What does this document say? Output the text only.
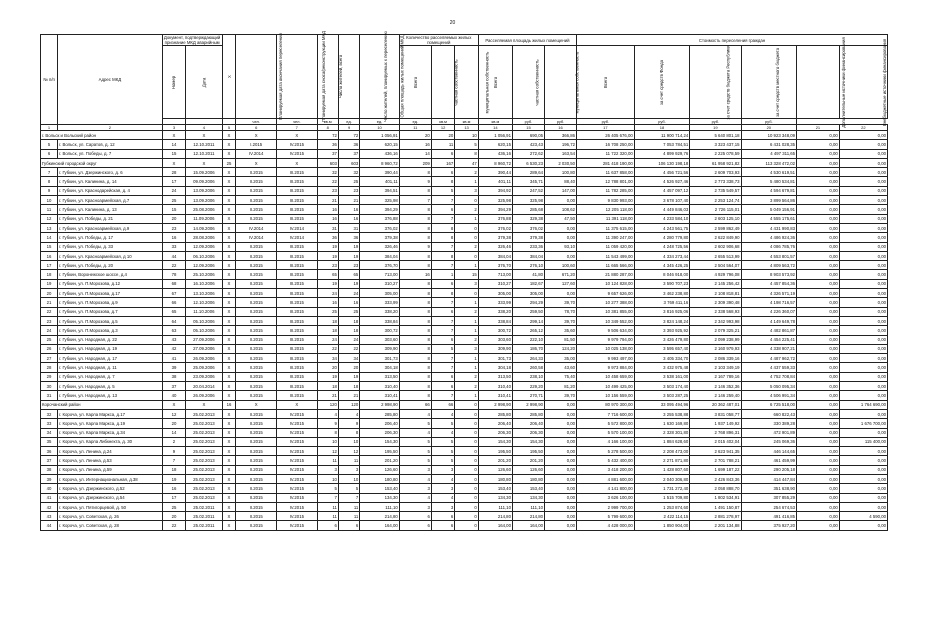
20
№ п/п	Адрес МКД	Документ, подтверждающий признание МКД аварийным		X	Планируемая дата окончания переселения	Планируемая дата сноса/реконструкции МКД	Число жителей, всего	Число жителей, планируемых к переселению	Общая площадь жилых помещений МКД	Количество расселяемых жилых помещений			Расселяемая площадь жилых помещений			Стоимость переселения граждан					
		Номер	Дата							Всего	частная собственность	муниципальная собственность	Всего	частная собственность	муниципальная собственность	Всего	за счет средств Фонда	за счет средств бюджета Республики	за счет средств местного бюджета	Дополнительные источники финансирования	Внебюджетные источники финансирования
					чел.	чел.	кв.м	ед.	ед.	ед.	кв.м	кв.м	кв.м	руб.	руб.	руб.	руб.	руб.	руб.		
1	2	3	4	5	6	7	8	9	10	11	12	13	14	15	16	17	18	19	20	21	22
г. Вольск и Вольский район		X	X	X	X	X	72	72	1 056,91	20	20	10	1 056,91	690,05	366,86	26 405 676,00	11 900 714,24	5 640 801,18	10 923 348,09	0,00	0,00
5	г. Вольск, ул. Саратов, д. 12	14	12.10.2011	X	I.2015	IV.2015	36	36	620,15	16	11	5	620,15	423,43	196,72	16 708 250,00	7 053 784,51	3 323 437,15	6 431 028,35	0,00	0,00
6	г. Вольск, ул. Победы, д. 7	15	12.10.2011	X	IV.2014	IV.2015	37	37	436,16	14	6	8	436,16	272,62	163,54	11 722 320,00	4 899 929,76	2 225 078,59	4 497 311,65	0,00	0,00
Губкинский городской округ		X	X	25	X	X	603	603	8 960,72	209	167	47	8 960,72	6 530,23	2 030,50	281 418 190,00	106 130 198,18	61 958 921,82	113 328 472,02	0,00	0,00
7	г. Губкин, ул. Дзержинского, д. 6	28	15.09.2006	X	II.2015	III.2015	32	32	390,44	8	6	2	390,44	289,64	100,80	11 637 858,00	4 456 721,56	2 609 703,93	4 530 619,51	0,00	0,00
8	г. Губкин, ул. Калинина, д. 14	17	09.09.2006	X	II.2015	III.2015	22	25	401,11	9	8	1	401,11	345,71	88,40	12 788 801,00	4 526 927,46	2 773 338,73	5 480 534,81	0,00	0,00
9	г. Губкин, ул. Краснодарейская, д. 4	24	13.09.2006	X	II.2015	III.2015	23	23	394,51	8	5	3	394,92	247,52	147,00	11 782 285,00	4 457 097,12	2 735 549,57	4 594 679,81	0,00	0,00
10	г. Губкин, ул. Красноармейская, д.7	25	13.09.2006	X	II.2015	III.2015	21	21	325,98	7	7	0	325,98	325,98	0,00	9 830 993,00	3 678 107,40	2 253 124,74	3 899 564,86	0,00	0,00
11	г. Губкин, ул. Калинина, д. 13	15	25.08.2006	X	II.2015	III.2015	16	16	394,29	8	6	2	394,29	285,68	108,62	12 205 118,00	4 449 846,03	2 726 115,01	5 049 156,91	0,00	0,00
12	г. Губкин, ул. Победы, д. 21	20	11.09.2006	X	II.2015	III.2015	16	16	376,88	8	7	1	376,88	329,38	47,50	11 391 118,00	4 233 584,10	2 603 125,10	4 555 175,61	0,00	0,00
13	г. Губкин, ул. Красноармейская, д.9	23	14.09.2006	X	IV.2014	IV.2014	31	31	376,02	8	8	0	376,02	376,02	0,00	11 375 615,00	4 243 561,75	2 599 862,49	4 431 990,83	0,00	0,00
14	г. Губкин, ул. Победы, д. 17	16	28.08.2006	X	IV.2014	IV.2014	36	36	379,38	8	8	0	379,38	379,38	0,00	11 390 247,00	4 280 779,80	2 622 849,90	4 486 924,36	0,00	0,00
15	г. Губкин, ул. Победы, д. 33	33	12.09.2006	X	II.2015	III.2015	19	19	326,46	9	7	2	326,46	233,36	93,10	11 059 420,00	4 248 725,56	2 602 906,68	4 086 785,76	0,00	0,00
16	г. Губкин, ул. Красноармейская, д 10	44	06.10.2006	X	II.2015	III.2015	19	19	384,04	8	8	0	384,04	384,04	0,00	11 543 499,00	4 334 273,44	2 655 513,99	4 553 801,57	0,00	0,00
17	г. Губкин, ул. Победы, д. 20	22	12.09.2006	X	II.2015	III.2015	23	23	376,70	8	7	1	376,70	276,10	100,60	11 665 566,00	4 345 426,25	2 504 564,07	4 809 563,72	0,00	0,00
18	г. Губкин, Воронежское шоссе, д.4	78	25.10.2006	X	II.2015	III.2015	65	65	713,00	16	1	15	713,00	41,80	671,20	21 880 287,00	8 046 918,00	4 929 796,08	8 903 573,92	0,00	0,00
19	г. Губкин, ул. П.Морозова, д.12	68	16.10.2006	X	II.2015	III.2015	19	19	310,27	8	6	3	310,27	182,67	127,60	10 124 828,00	3 590 707,23	2 145 256,42	4 457 854,36	0,00	0,00
20	г. Губкин, ул. П.Морозова, д.17	67	13.10.2006	X	II.2015	III.2015	24	24	305,00	8	8	0	305,00	305,00	0,00	9 657 626,00	3 462 238,80	2 108 818,81	4 326 571,19	0,00	0,00
21	г. Губкин, ул. П.Морозова, д.9	66	12.10.2006	X	II.2015	III.2015	16	16	333,99	8	7	1	333,99	294,29	39,70	10 277 388,00	3 769 411,16	2 309 390,48	4 198 716,57	0,00	0,00
22	г. Губкин, ул. П.Морозова, д.7	65	11.10.2006	X	II.2015	III.2015	25	25	338,20	8	6	2	338,20	259,50	78,70	10 381 855,00	3 816 925,06	2 338 568,93	4 226 360,07	0,00	0,00
23	г. Губкин, ул. П.Морозова, д.5	64	05.10.2006	X	II.2015	III.2015	18	18	338,84	8	7	1	338,84	299,14	39,70	10 349 552,00	3 824 148,24	2 342 993,98	4 149 649,78	0,00	0,00
24	г. Губкин, ул. П.Морозова, д.3	63	05.10.2006	X	II.2015	III.2015	18	18	300,72	8	7	1	300,72	265,12	35,60	9 506 634,00	3 393 925,92	2 079 325,21	4 482 861,87	0,00	0,00
25	г. Губкин, ул. Народная, д. 22	43	27.09.2006	X	II.2015	III.2015	24	24	303,60	8	6	2	303,60	222,10	81,50	9 979 794,00	3 426 479,80	2 099 238,99	4 454 225,41	0,00	0,00
26	г. Губкин, ул. Народная, д. 19	42	27.09.2006	X	II.2015	III.2015	22	22	309,90	8	5	3	309,90	186,70	124,20	10 025 138,00	3 595 657,40	2 160 979,93	4 338 907,21	0,00	0,00
27	г. Губкин, ул. Народная, д. 17	41	26.09.2006	X	II.2015	III.2015	34	34	301,73	8	7	1	301,73	264,33	35,00	9 993 497,00	3 405 334,70	2 086 339,16	4 487 962,72	0,00	0,00
28	г. Губкин, ул. Народная, д. 11	39	25.09.2006	X	II.2015	III.2015	20	20	304,18	8	7	1	304,18	260,58	43,60	9 973 884,00	3 432 975,48	2 103 349,19	4 437 559,33	0,00	0,00
29	г. Губкин, ул. Народная, д. 7	38	23.09.2006	X	II.2015	III.2015	19	19	313,50	8	6	2	313,50	238,10	75,40	10 458 659,00	3 538 161,00	2 167 789,16	4 752 708,84	0,00	0,00
30	г. Губкин, ул. Народная, д. 5	37	20.04.2014	X	II.2015	III.2015	18	18	310,40	8	6	2	310,40	229,20	81,20	10 499 425,00	3 503 174,40	2 146 352,36	5 050 095,34	0,00	0,00
31	г. Губкин, ул. Народная, д. 13	40	26.09.2006	X	II.2015	III.2015	21	21	310,41	8	7	1	310,41	270,71	39,70	10 156 559,00	3 503 287,25	2 146 259,40	4 506 991,34	0,00	0,00
Корочанский район		X	X	16	X	X	120	120	2 998,90	66	66	0	2 998,90	2 998,90	0,00	80 970 300,00	33 095 494,96	20 362 487,01	6 725 518,00	0,00	1 764 690,00
32	г. Короча, ул. Карла Маркса, д.17	12	25.02.2013	X	II.2015	IV.2015	4	4	285,80	4	4	0	285,80	285,80	0,00	7 716 600,00	3 255 538,88	3 831 058,77	660 822,43	0,00	0,00
33	г. Короча, ул. Карла Маркса, д.19	20	25.02.2013	X	II.2015	IV.2015	9	9	206,40	5	5	0	206,40	206,40	0,00	5 572 800,00	1 630 169,80	1 937 149,92	330 389,28	0,00	1 676 700,00
34	г. Короча, ул. Карла Маркса, д.34	14	25.02.2013	X	II.2015	IV.2015	8	8	206,30	4	4	0	206,30	206,30	0,00	5 570 100,00	2 328 301,80	2 768 896,31	472 901,89	0,00	0,00
35	г. Короча, ул. Карла Либкнехта, д. 30	2	25.02.2013	X	II.2015	IV.2015	10	10	154,30	5	5	0	154,30	154,30	0,00	4 166 100,00	1 884 628,60	2 015 402,04	245 069,36	0,00	115 400,00
36	г. Короча, ул. Ленина, д.24	9	25.02.2013	X	II.2015	IV.2015	12	12	195,50	5	5	0	195,50	195,50	0,00	5 278 500,00	2 208 473,00	2 623 941,35	446 144,65	0,00	0,00
37	г. Короча, ул. Ленина, д.53	7	25.02.2013	X	II.2015	IV.2015	11	11	201,20	5	5	0	201,20	201,20	0,00	5 432 400,00	2 271 871,80	2 701 788,21	461 459,99	0,00	0,00
38	г. Короча, ул. Ленина, д.59	18	25.02.2013	X	II.2015	IV.2015	3	3	126,60	3	3	0	126,60	126,60	0,00	3 418 200,00	1 428 807,60	1 699 187,22	290 205,18	0,00	0,00
39	г. Короча, ул. Интернациональная, д.38	19	25.02.2013	X	II.2015	IV.2015	10	10	180,80	4	4	0	180,80	180,80	0,00	4 881 600,00	2 040 306,80	2 426 843,36	414 447,84	0,00	0,00
40	г. Короча, ул. Дзержинского, д.52	16	25.02.2013	X	II.2015	IV.2015	5	5	153,40	3	3	0	153,40	153,40	0,00	4 141 800,00	1 731 272,40	2 058 888,70	351 638,90	0,00	0,00
41	г. Короча, ул. Дзержинского, д.54	17	25.02.2013	X	II.2015	IV.2015	7	7	134,30	4	4	0	134,30	134,30	0,00	3 626 100,00	1 515 709,80	1 802 534,91	307 855,29	0,00	0,00
42	г. Короча, ул. Пятигорцевой, д. 50	25	25.02.2011	X	II.2015	IV.2015	11	11	111,10	3	3	0	111,10	111,10	0,00	2 999 700,00	1 253 874,60	1 491 150,87	254 674,53	0,00	0,00
43	г. Короча, ул. Советская, д. 26	20	25.02.2011	X	II.2015	IV.2015	11	11	214,80	6	6	0	214,80	214,80	0,00	5 799 600,00	2 422 114,15	2 881 278,97	491 416,85	0,00	4 590,00
44	г. Короча, ул. Советская, д. 28	22	25.02.2011	X	II.2015	IV.2015	6	6	164,00	6	6	0	164,00	164,00	0,00	4 428 000,00	1 850 904,00	2 201 134,88	375 927,20	0,00	0,00
